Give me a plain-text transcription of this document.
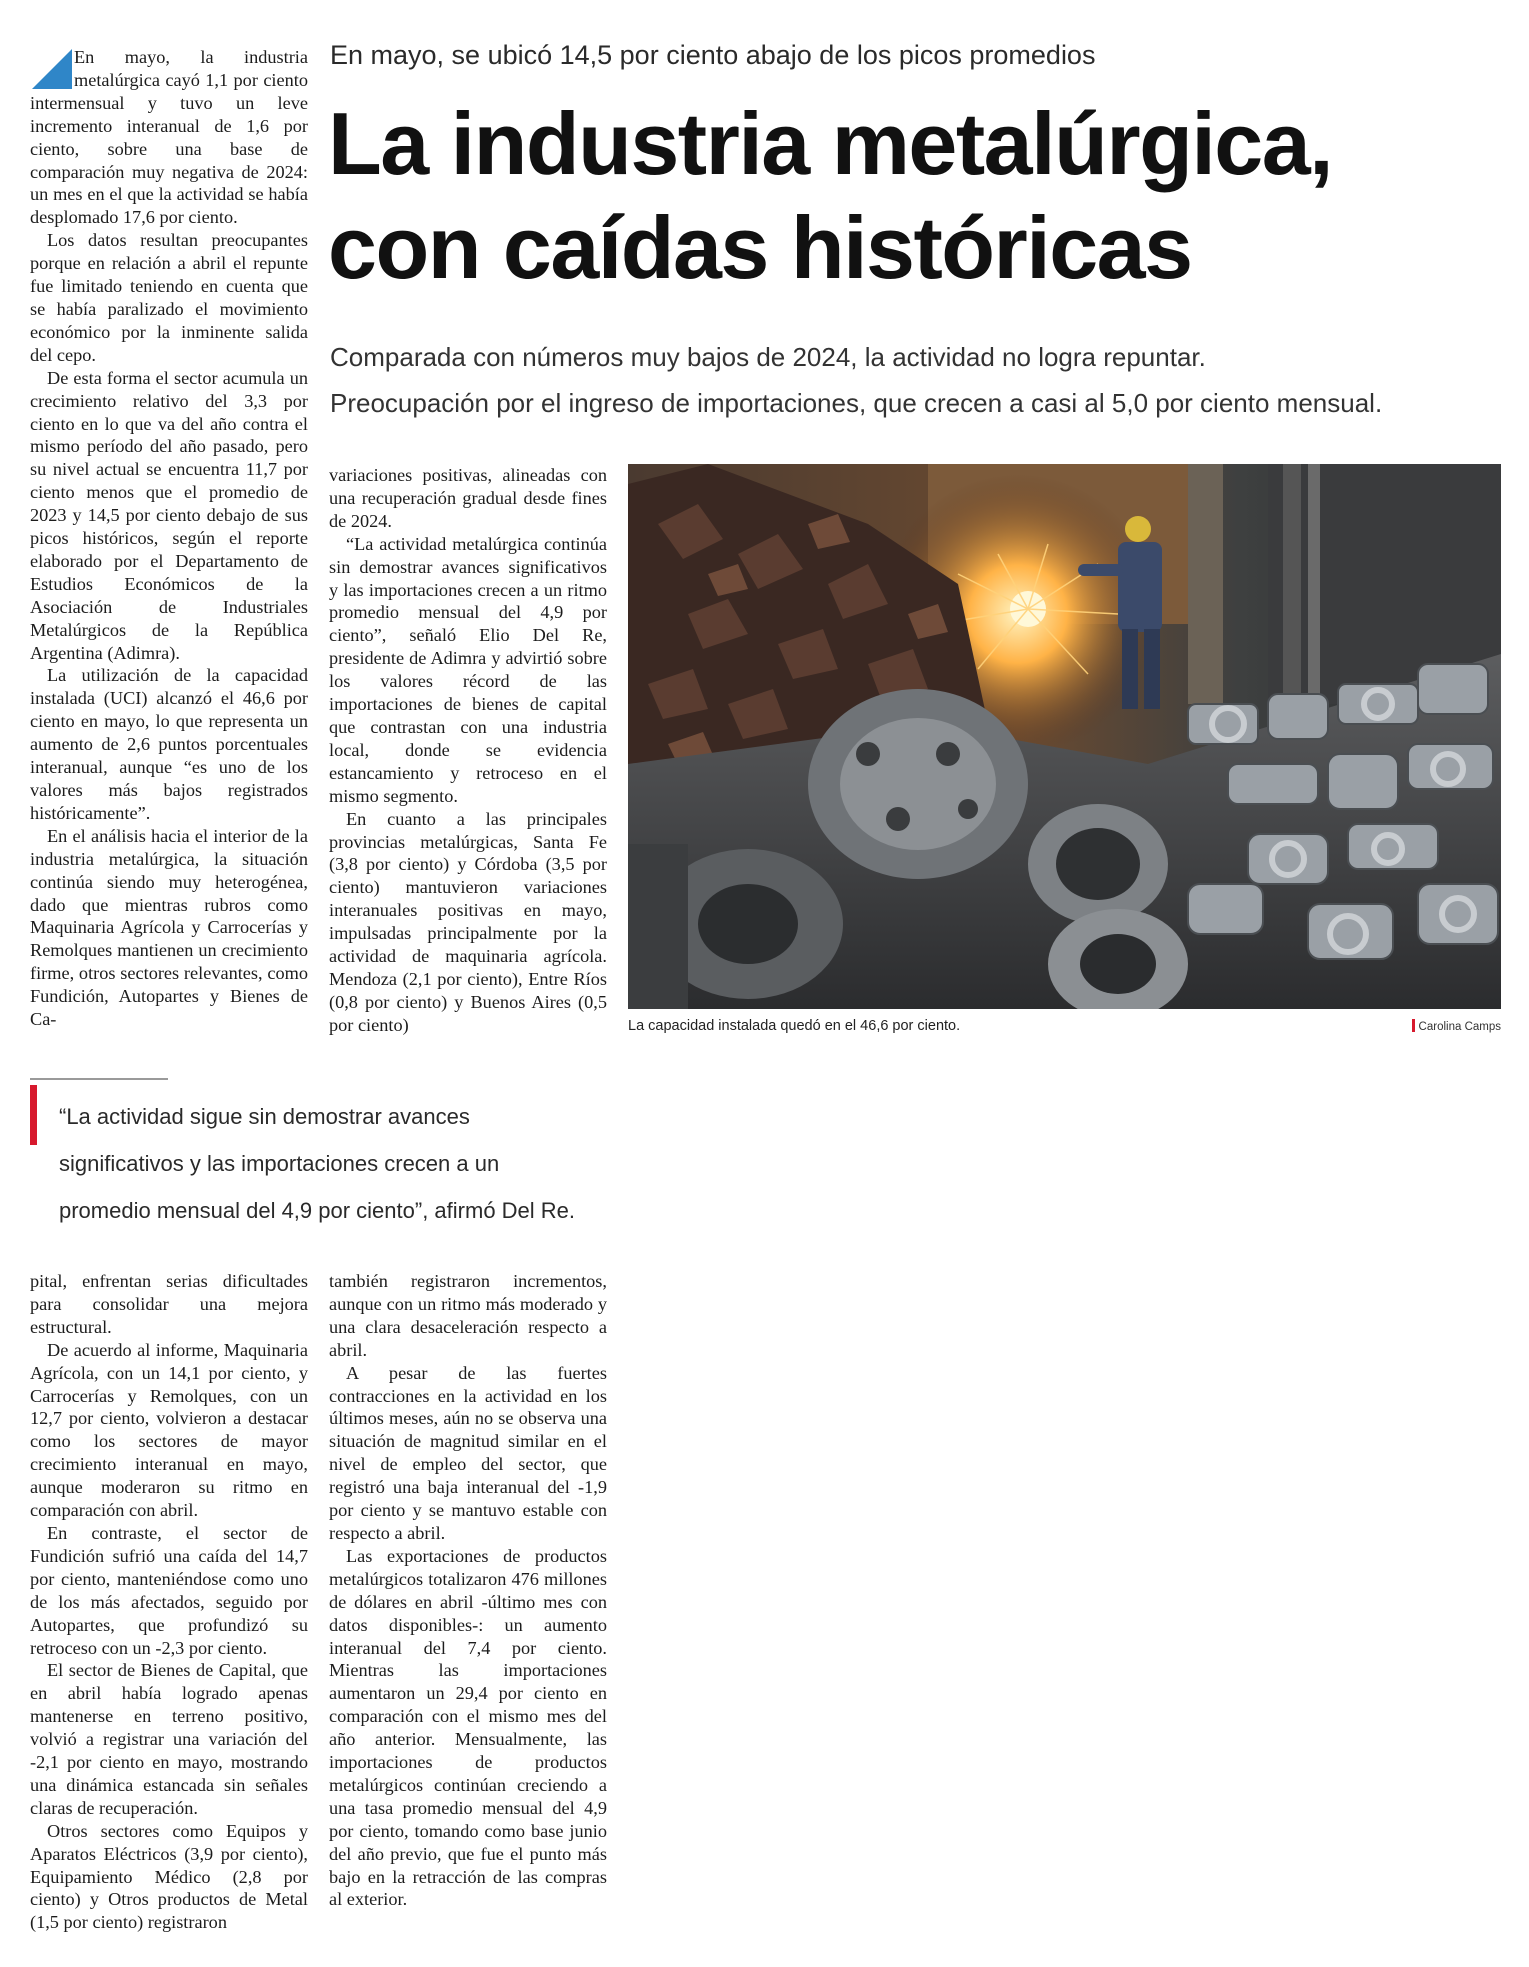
En mayo, se ubicó 14,5 por ciento abajo de los picos promedios
La industria metalúrgica,
con caídas históricas
Comparada con números muy bajos de 2024, la actividad no logra repuntar.
Preocupación por el ingreso de importaciones, que crecen a casi al 5,0 por ciento mensual.

En mayo, la industria metalúrgica cayó 1,1 por ciento intermensual y tuvo un leve incremento interanual de 1,6 por ciento, sobre una base de comparación muy negativa de 2024: un mes en el que la actividad se había desplomado 17,6 por ciento.

Los datos resultan preocupantes porque en relación a abril el repunte fue limitado teniendo en cuenta que se había paralizado el movimiento económico por la inminente salida del cepo.

De esta forma el sector acumula un crecimiento relativo del 3,3 por ciento en lo que va del año contra el mismo período del año pasado, pero su nivel actual se encuentra 11,7 por ciento menos que el promedio de 2023 y 14,5 por ciento debajo de sus picos históricos, según el reporte elaborado por el Departamento de Estudios Económicos de la Asociación de Industriales Metalúrgicos de la República Argentina (Adimra).

La utilización de la capacidad instalada (UCI) alcanzó el 46,6 por ciento en mayo, lo que representa un aumento de 2,6 puntos porcentuales interanual, aunque “es uno de los valores más bajos registrados históricamente”.

En el análisis hacia el interior de la industria metalúrgica, la situación continúa siendo muy heterogénea, dado que mientras rubros como Maquinaria Agrícola y Carrocerías y Remolques mantienen un crecimiento firme, otros sectores relevantes, como Fundición, Autopartes y Bienes de Ca-

variaciones positivas, alineadas con una recuperación gradual desde fines de 2024.

“La actividad metalúrgica continúa sin demostrar avances significativos y las importaciones crecen a un ritmo promedio mensual del 4,9 por ciento”, señaló Elio Del Re, presidente de Adimra y advirtió sobre los valores récord de las importaciones de bienes de capital que contrastan con una industria local, donde se evidencia estancamiento y retroceso en el mismo segmento.

En cuanto a las principales provincias metalúrgicas, Santa Fe (3,8 por ciento) y Córdoba (3,5 por ciento) mantuvieron variaciones interanuales positivas en mayo, impulsadas principalmente por la actividad de maquinaria agrícola. Mendoza (2,1 por ciento), Entre Ríos (0,8 por ciento) y Buenos Aires (0,5 por ciento)	La capacidad instalada quedó en el 46,6 por ciento.	Carolina Camps
“La actividad sigue sin demostrar avances
significativos y las importaciones crecen a un
promedio mensual del 4,9 por ciento”, afirmó Del Re.

pital, enfrentan serias dificultades para consolidar una mejora estructural.

De acuerdo al informe, Maquinaria Agrícola, con un 14,1 por ciento, y Carrocerías y Remolques, con un 12,7 por ciento, volvieron a destacar como los sectores de mayor crecimiento interanual en mayo, aunque moderaron su ritmo en comparación con abril.

En contraste, el sector de Fundición sufrió una caída del 14,7 por ciento, manteniéndose como uno de los más afectados, seguido por Autopartes, que profundizó su retroceso con un -2,3 por ciento.

El sector de Bienes de Capital, que en abril había logrado apenas mantenerse en terreno positivo, volvió a registrar una variación del -2,1 por ciento en mayo, mostrando una dinámica estancada sin señales claras de recuperación.

Otros sectores como Equipos y Aparatos Eléctricos (3,9 por ciento), Equipamiento Médico (2,8 por ciento) y Otros productos de Metal (1,5 por ciento) registraron

también registraron incrementos, aunque con un ritmo más moderado y una clara desaceleración respecto a abril.

A pesar de las fuertes contracciones en la actividad en los últimos meses, aún no se observa una situación de magnitud similar en el nivel de empleo del sector, que registró una baja interanual del -1,9 por ciento y se mantuvo estable con respecto a abril.

Las exportaciones de productos metalúrgicos totalizaron 476 millones de dólares en abril -último mes con datos disponibles-: un aumento interanual del 7,4 por ciento. Mientras las importaciones aumentaron un 29,4 por ciento en comparación con el mismo mes del año anterior. Mensualmente, las importaciones de productos metalúrgicos continúan creciendo a una tasa promedio mensual del 4,9 por ciento, tomando como base junio del año previo, que fue el punto más bajo en la retracción de las compras al exterior.
